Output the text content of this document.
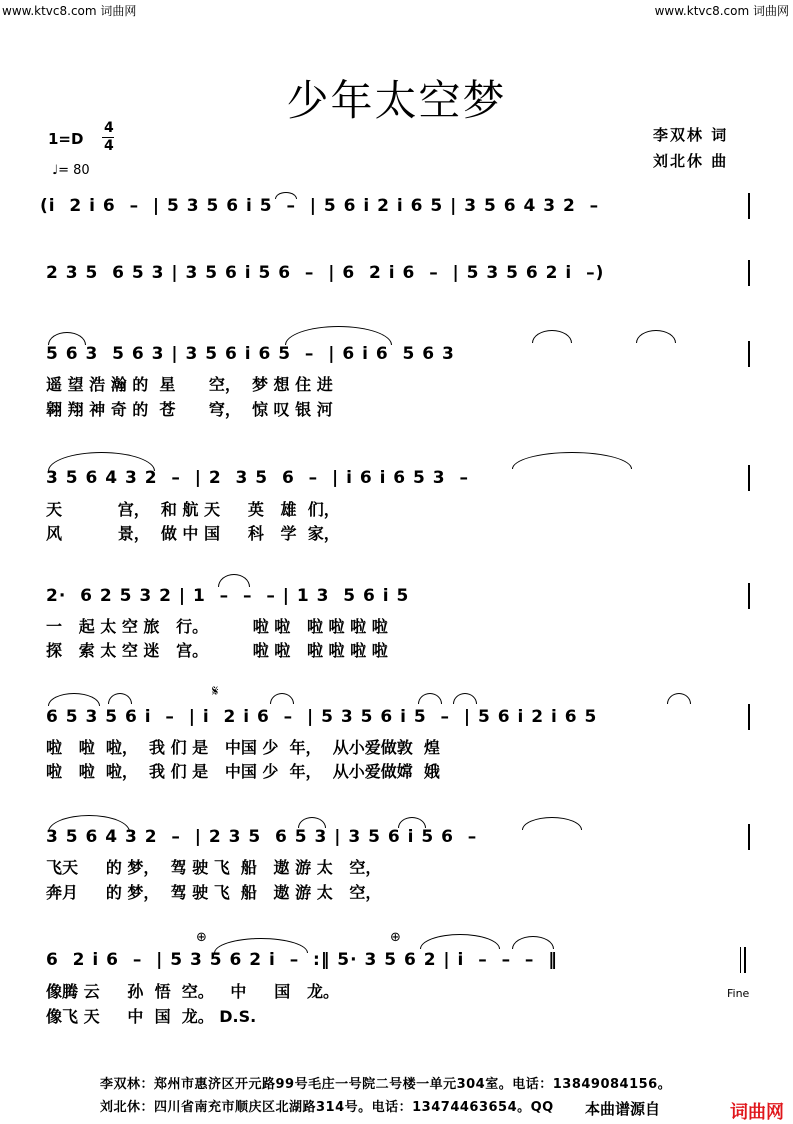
www.ktvc8.com 词曲网	www.ktvc8.com 词曲网
少年太空梦
1=D
4
4
♩= 80
李双林 词
刘北休 曲
(i  2 i 6  –  | 5 3 5 6 i 5  –  | 5 6 i 2 i 6 5 | 3 5 6 4 3 2  –
2 3 5  6 5 3 | 3 5 6 i 5 6  –  | 6  2 i 6  –  | 5 3 5 6 2 i  –)
5 6 3  5 6 3 | 3 5 6 i 6 5  –  | 6 i 6  5 6 3
遥 望 浩 瀚 的  星      空，  梦 想 住 进
翱 翔 神 奇 的  苍      穹，  惊 叹 银 河
3 5 6 4 3 2  –  | 2  3 5  6  –  | i 6 i 6 5 3  –
天          宫，  和 航 天     英   雄  们，
风          景，  做 中 国     科   学  家，
2·  6 2 5 3 2 | 1  –  –  – | 1 3  5 6 i 5
一   起 太 空 旅   行。        啦 啦   啦 啦 啦 啦
探   索 太 空 迷   宫。        啦 啦   啦 啦 啦 啦
𝄋
6 5 3 5 6 i  –  | i  2 i 6  –  | 5 3 5 6 i 5  –  | 5 6 i 2 i 6 5
啦   啦  啦，  我 们 是   中国 少  年，  从小爱做敦  煌
啦   啦  啦，  我 们 是   中国 少  年，  从小爱做嫦  娥
3 5 6 4 3 2  –  | 2 3 5  6 5 3 | 3 5 6 i 5 6  –
飞天     的 梦，  驾 驶 飞  船   遨 游 太   空，
奔月     的 梦，  驾 驶 飞  船   遨 游 太   空，
⊕	⊕
6  2 i 6  –  | 5 3 5 6 2 i  –  :‖ 5· 3 5 6 2 | i  –  –  –  ‖
像腾 云     孙  悟  空。   中     国   龙。	Fine
像飞 天     中  国  龙。 D.S.
李双林：郑州市惠济区开元路99号毛庄一号院二号楼一单元304室。电话：13849084156。
刘北休：四川省南充市顺庆区北湖路314号。电话：13474463654。QQ 本曲谱源自	词曲网
